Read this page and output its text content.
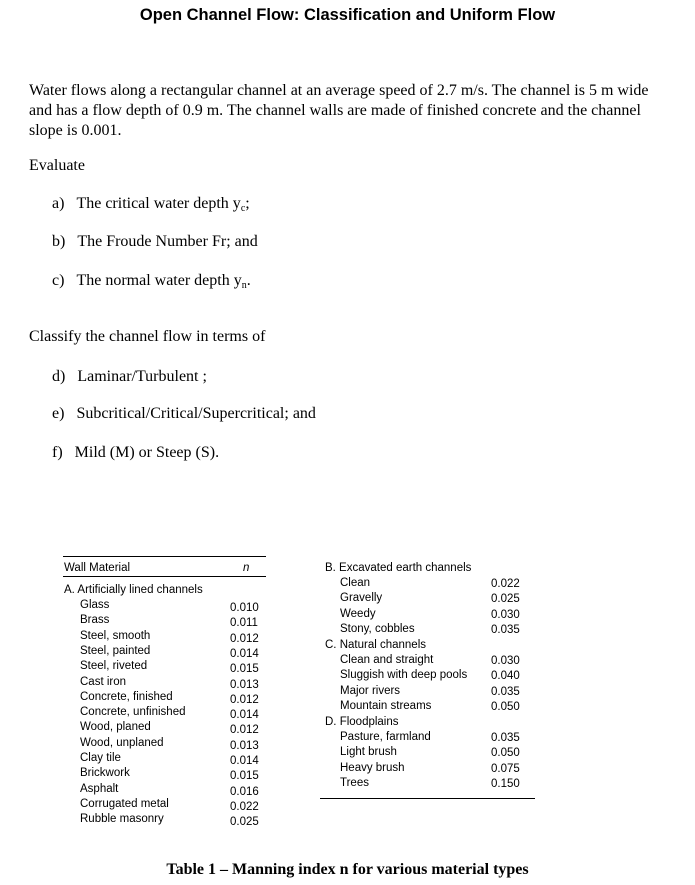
Open Channel Flow: Classification and Uniform Flow

Water flows along a rectangular channel at an average speed of 2.7 m/s. The channel is 5 m wide
and has a flow depth of 0.9 m. The channel walls are made of finished concrete and the channel
slope is 0.001.

Evaluate

a) The critical water depth $y_c$;

b) The Froude Number Fr; and

c) The normal water depth $y_n$.

Classify the channel flow in terms of

d) Laminar/Turbulent ;

e) Subcritical/Critical/Supercritical; and

f) Mild (M) or Steep (S).

Wall Material	n
A. Artificially lined channels
Glass	0.010
Brass	0.011
Steel, smooth	0.012
Steel, painted	0.014
Steel, riveted	0.015
Cast iron	0.013
Concrete, finished	0.012
Concrete, unfinished	0.014
Wood, planed	0.012
Wood, unplaned	0.013
Clay tile	0.014
Brickwork	0.015
Asphalt	0.016
Corrugated metal	0.022
Rubble masonry	0.025
B. Excavated earth channels
Clean	0.022
Gravelly	0.025
Weedy	0.030
Stony, cobbles	0.035
C. Natural channels
Clean and straight	0.030
Sluggish with deep pools 0.040
Major rivers	0.035
Mountain streams	0.050
D. Floodplains
Pasture, farmland	0.035
Light brush	0.050
Heavy brush	0.075
Trees	0.150
Table 1 – Manning index n for various material types
